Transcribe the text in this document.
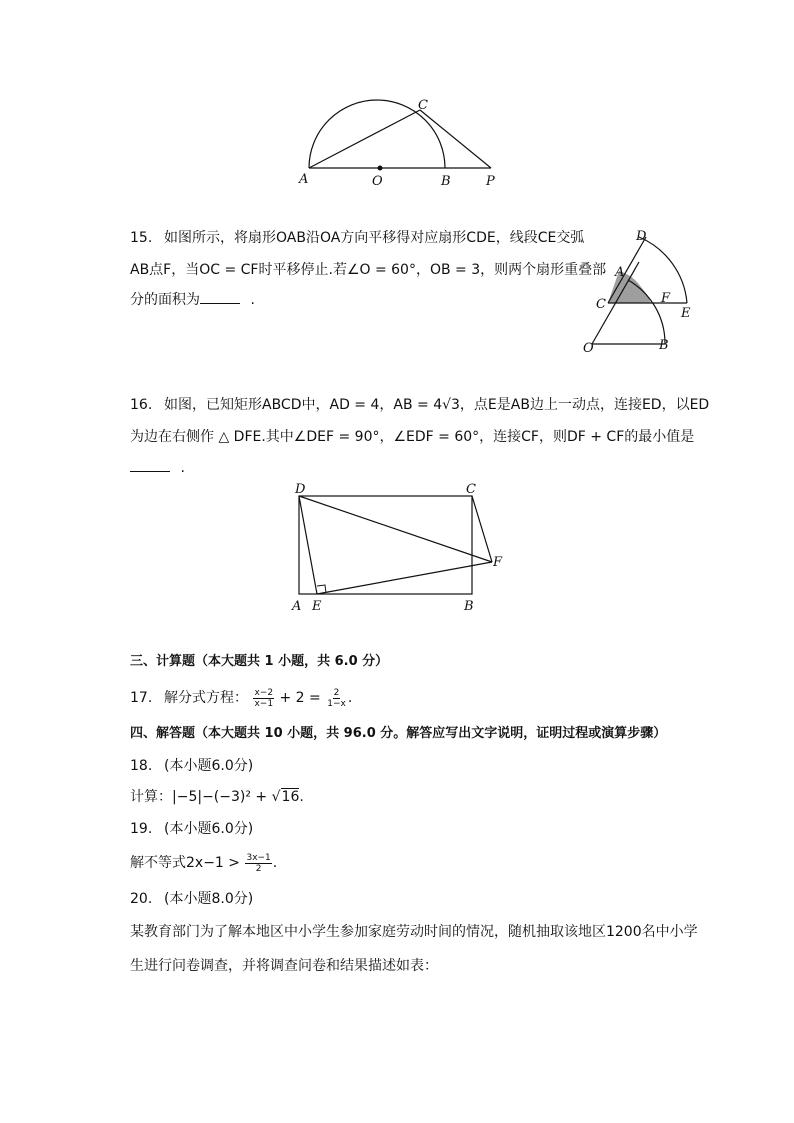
A	O	B	P
C
15. 如图所示，将扇形OAB沿OA方向平移得对应扇形CDE，线段CE交弧
AB点F，当OC = CF时平移停止.若∠O = 60°，OB = 3，则两个扇形重叠部
分的面积为	.
D
A
F
C
E
O	B
16. 如图，已知矩形ABCD中，AD = 4，AB = 4√3，点E是AB边上一动点，连接ED，以ED
为边在右侧作 △ DFE.其中∠DEF = 90°，∠EDF = 60°，连接CF，则DF + CF的最小值是
.
D	C
F
A E	B
三、计算题（本大题共 1 小题，共 6.0 分）
17. 解分式方程： $\frac{x-2}{x-1} + 2 = \frac{2}{1-x}$ .
四、解答题（本大题共 10 小题，共 96.0 分。解答应写出文字说明，证明过程或演算步骤）
18. (本小题6.0分)
计算：|−5|−(−3)² + √16.
19. (本小题6.0分)
解不等式$2x-1 > \frac{3x-1}{2}$ .
20. (本小题8.0分)
某教育部门为了解本地区中小学生参加家庭劳动时间的情况，随机抽取该地区1200名中小学
生进行问卷调查，并将调查问卷和结果描述如表：
